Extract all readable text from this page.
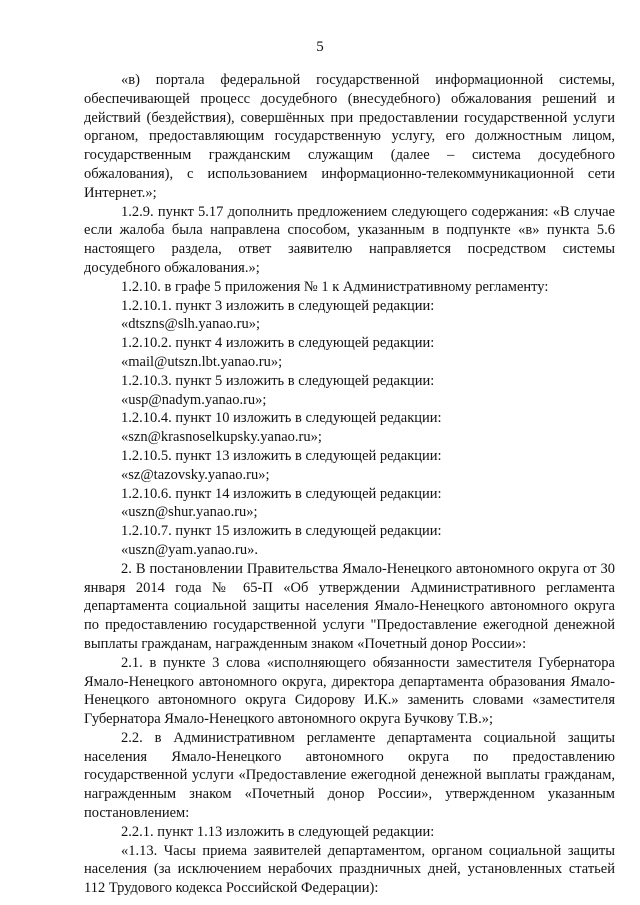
5

«в) портала федеральной государственной информационной системы, обеспечивающей процесс досудебного (внесудебного) обжалования решений и действий (бездействия), совершённых при предоставлении государственной услуги органом, предоставляющим государственную услугу, его должностным лицом, государственным гражданским служащим (далее – система досудебного обжалования), с использованием информационно-телекоммуникационной сети Интернет.»;

1.2.9. пункт 5.17 дополнить предложением следующего содержания: «В случае если жалоба была направлена способом, указанным в подпункте «в» пункта 5.6 настоящего раздела, ответ заявителю направляется посредством системы досудебного обжалования.»;

1.2.10. в графе 5 приложения № 1 к Административному регламенту:

1.2.10.1. пункт 3 изложить в следующей редакции:

«dtszns@slh.yanao.ru»;

1.2.10.2. пункт 4 изложить в следующей редакции:

«mail@utszn.lbt.yanao.ru»;

1.2.10.3. пункт 5 изложить в следующей редакции:

«usp@nadym.yanao.ru»;

1.2.10.4. пункт 10 изложить в следующей редакции:

«szn@krasnoselkupsky.yanao.ru»;

1.2.10.5. пункт 13 изложить в следующей редакции:

«sz@tazovsky.yanao.ru»;

1.2.10.6. пункт 14 изложить в следующей редакции:

«uszn@shur.yanao.ru»;

1.2.10.7. пункт 15 изложить в следующей редакции:

«uszn@yam.yanao.ru».

2. В постановлении Правительства Ямало-Ненецкого автономного округа от 30 января 2014 года № 65-П «Об утверждении Административного регламента департамента социальной защиты населения Ямало-Ненецкого автономного округа по предоставлению государственной услуги "Предоставление ежегодной денежной выплаты гражданам, награжденным знаком «Почетный донор России»:

2.1. в пункте 3 слова «исполняющего обязанности заместителя Губернатора Ямало-Ненецкого автономного округа, директора департамента образования Ямало-Ненецкого автономного округа Сидорову И.К.» заменить словами «заместителя Губернатора Ямало-Ненецкого автономного округа Бучкову Т.В.»;

2.2. в Административном регламенте департамента социальной защиты населения Ямало-Ненецкого автономного округа по предоставлению государственной услуги «Предоставление ежегодной денежной выплаты гражданам, награжденным знаком «Почетный донор России», утвержденном указанным постановлением:

2.2.1. пункт 1.13 изложить в следующей редакции:

«1.13. Часы приема заявителей департаментом, органом социальной защиты населения (за исключением нерабочих праздничных дней, установленных статьей 112 Трудового кодекса Российской Федерации):
